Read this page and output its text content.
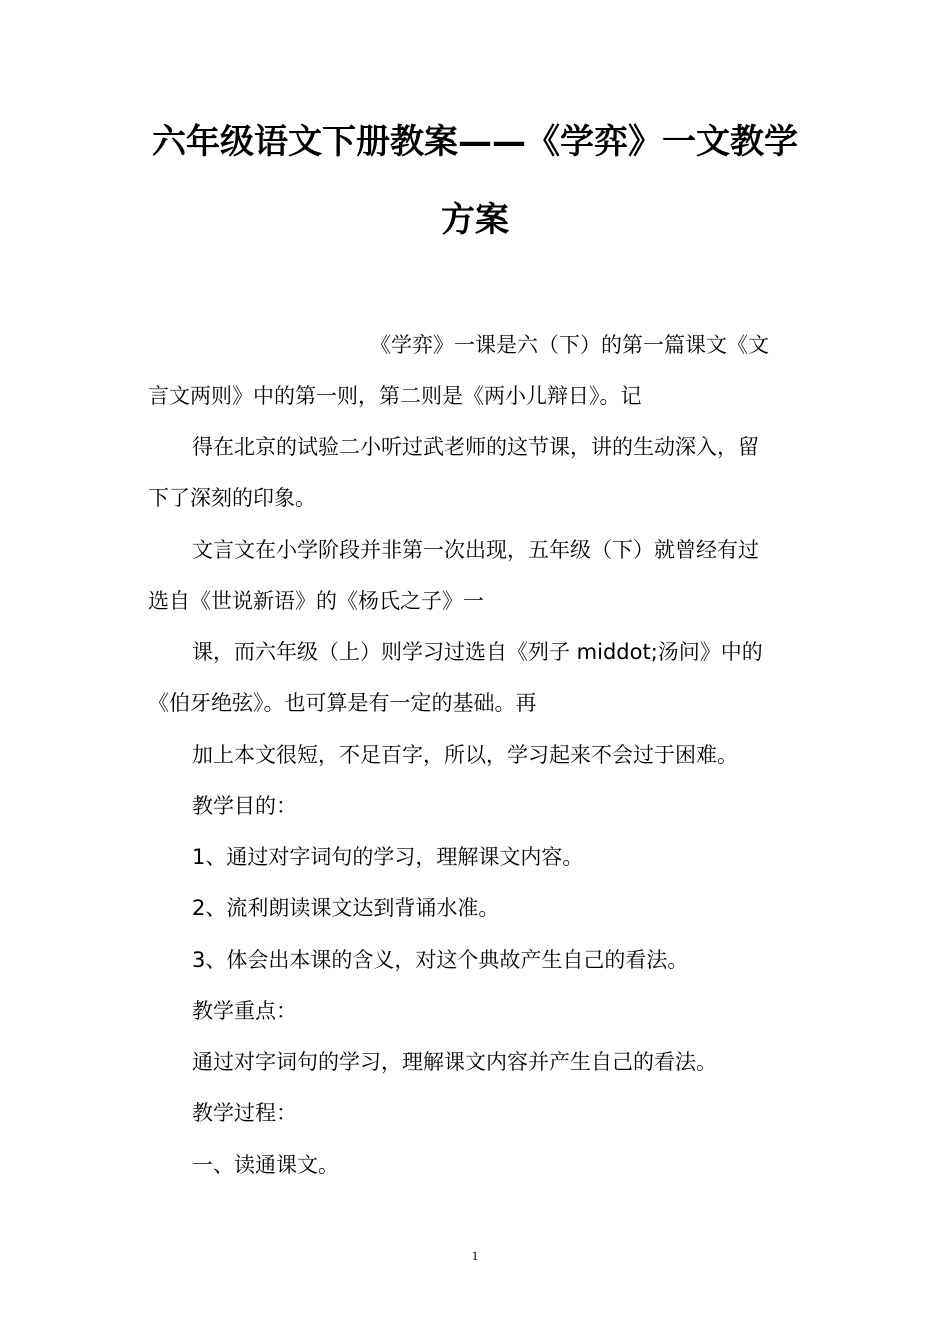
六年级语文下册教案——《学弈》一文教学
方案

《学弈》一课是六（下）的第一篇课文《文

言文两则》中的第一则，第二则是《两小儿辩日》。记

得在北京的试验二小听过武老师的这节课，讲的生动深入，留

下了深刻的印象。

文言文在小学阶段并非第一次出现，五年级（下）就曾经有过

选自《世说新语》的《杨氏之子》一

课，而六年级（上）则学习过选自《列子 middot;汤问》中的

《伯牙绝弦》。也可算是有一定的基础。再

加上本文很短，不足百字，所以，学习起来不会过于困难。

教学目的：

1、通过对字词句的学习，理解课文内容。

2、流利朗读课文达到背诵水准。

3、体会出本课的含义，对这个典故产生自己的看法。

教学重点：

通过对字词句的学习，理解课文内容并产生自己的看法。

教学过程：

一、读通课文。

1
